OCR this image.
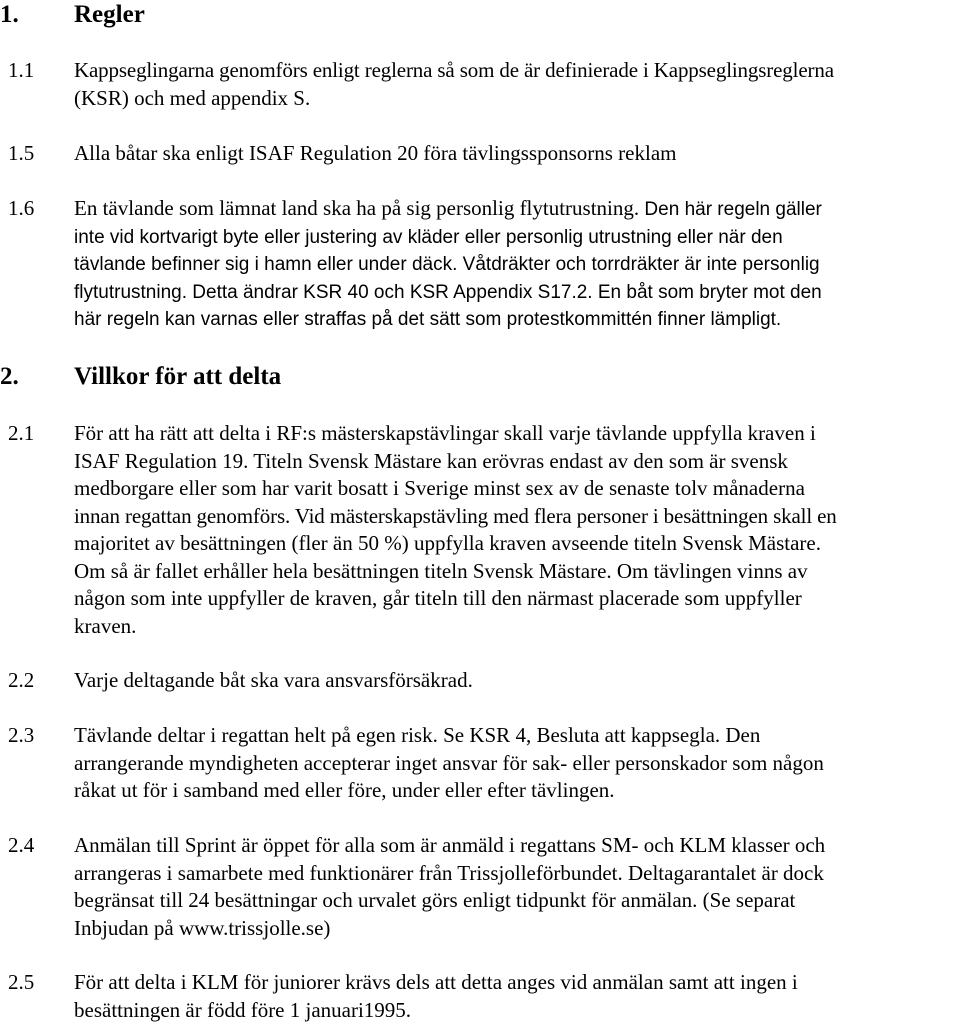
1. Regler
1.1 Kappseglingarna genomförs enligt reglerna så som de är definierade i Kappseglingsreglerna
(KSR) och med appendix S.
1.5 Alla båtar ska enligt ISAF Regulation 20 föra tävlingssponsorns reklam
1.6 En tävlande som lämnat land ska ha på sig personlig flytutrustning. Den här regeln gäller
inte vid kortvarigt byte eller justering av kläder eller personlig utrustning eller när den
tävlande befinner sig i hamn eller under däck. Våtdräkter och torrdräkter är inte personlig
flytutrustning. Detta ändrar KSR 40 och KSR Appendix S17.2. En båt som bryter mot den
här regeln kan varnas eller straffas på det sätt som protestkommittén finner lämpligt.
2. Villkor för att delta
2.1 För att ha rätt att delta i RF:s mästerskapstävlingar skall varje tävlande uppfylla kraven i
ISAF Regulation 19. Titeln Svensk Mästare kan erövras endast av den som är svensk
medborgare eller som har varit bosatt i Sverige minst sex av de senaste tolv månaderna
innan regattan genomförs. Vid mästerskapstävling med flera personer i besättningen skall en
majoritet av besättningen (fler än 50 %) uppfylla kraven avseende titeln Svensk Mästare.
Om så är fallet erhåller hela besättningen titeln Svensk Mästare. Om tävlingen vinns av
någon som inte uppfyller de kraven, går titeln till den närmast placerade som uppfyller
kraven.
2.2 Varje deltagande båt ska vara ansvarsförsäkrad.
2.3 Tävlande deltar i regattan helt på egen risk. Se KSR 4, Besluta att kappsegla. Den
arrangerande myndigheten accepterar inget ansvar för sak- eller personskador som någon
råkat ut för i samband med eller före, under eller efter tävlingen.
2.4 Anmälan till Sprint är öppet för alla som är anmäld i regattans SM- och KLM klasser och
arrangeras i samarbete med funktionärer från Trissjolleförbundet. Deltagarantalet är dock
begränsat till 24 besättningar och urvalet görs enligt tidpunkt för anmälan. (Se separat
Inbjudan på www.trissjolle.se)
2.5 För att delta i KLM för juniorer krävs dels att detta anges vid anmälan samt att ingen i
besättningen är född före 1 januari1995.
